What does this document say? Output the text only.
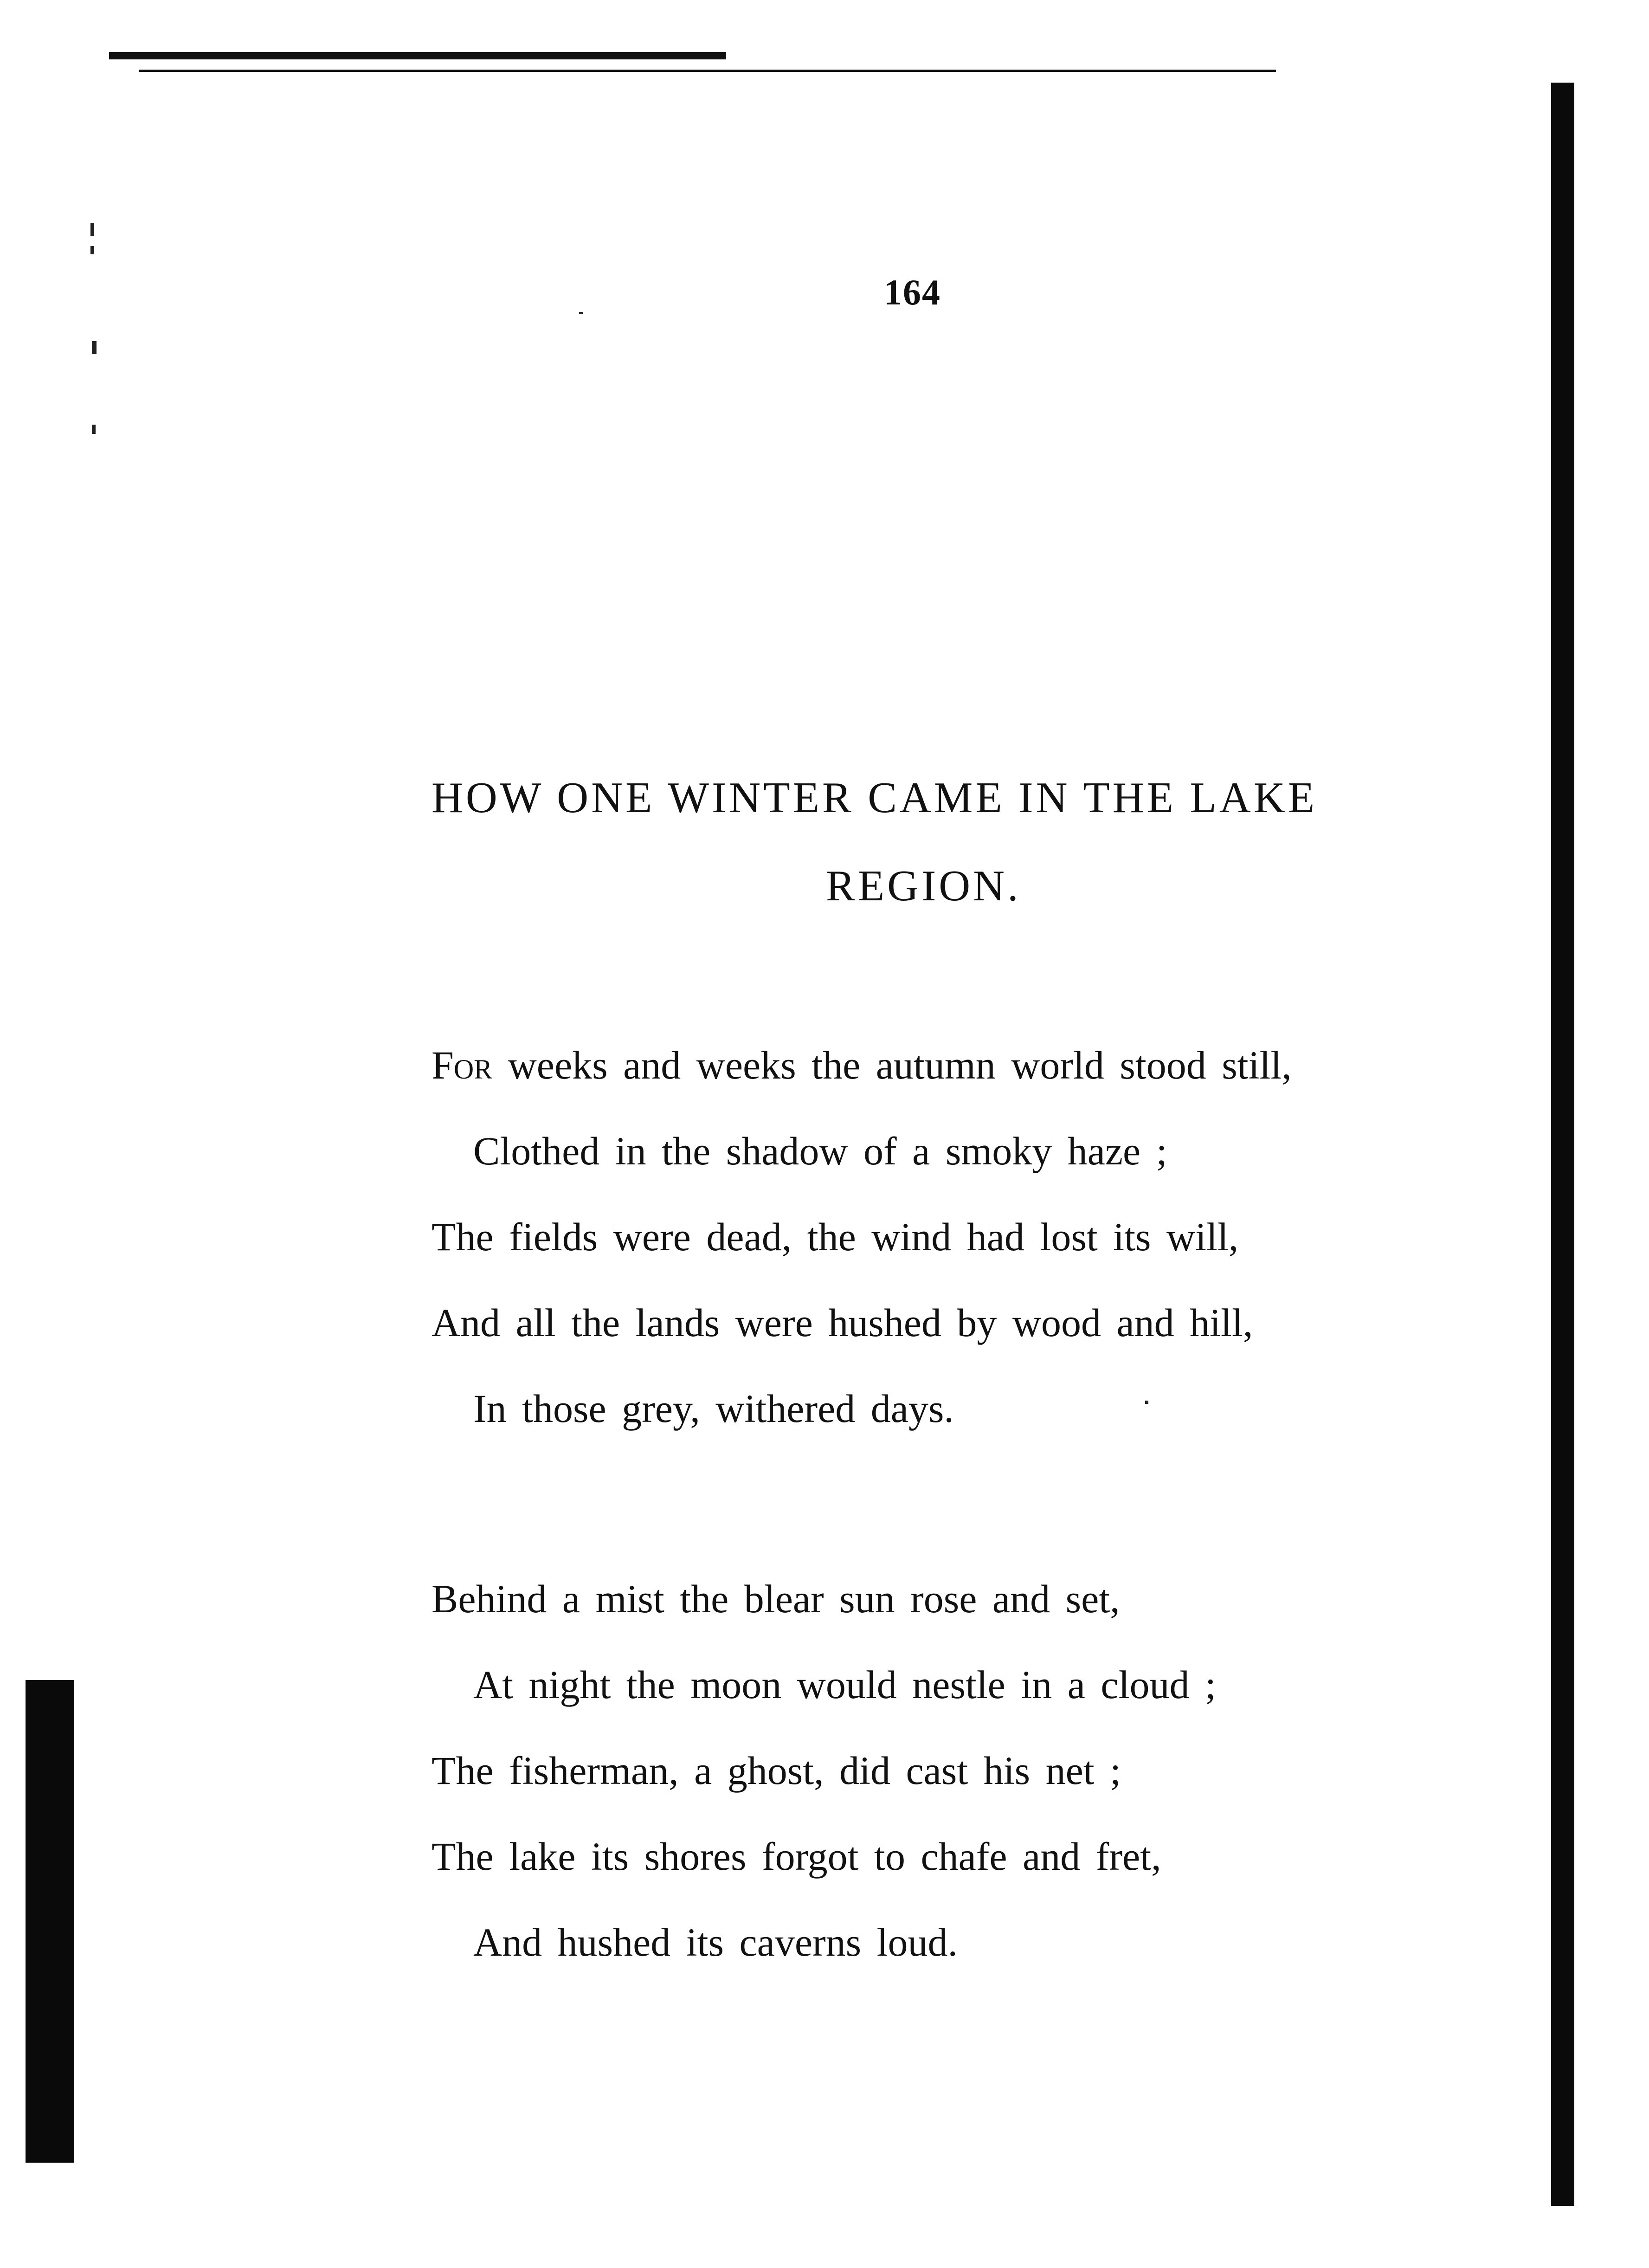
164
HOW ONE WINTER CAME IN THE LAKE
REGION.
For weeks and weeks the autumn world stood still,
Clothed in the shadow of a smoky haze ;
The fields were dead, the wind had lost its will,
And all the lands were hushed by wood and hill,
In those grey, withered days.
Behind a mist the blear sun rose and set,
At night the moon would nestle in a cloud ;
The fisherman, a ghost, did cast his net ;
The lake its shores forgot to chafe and fret,
And hushed its caverns loud.
